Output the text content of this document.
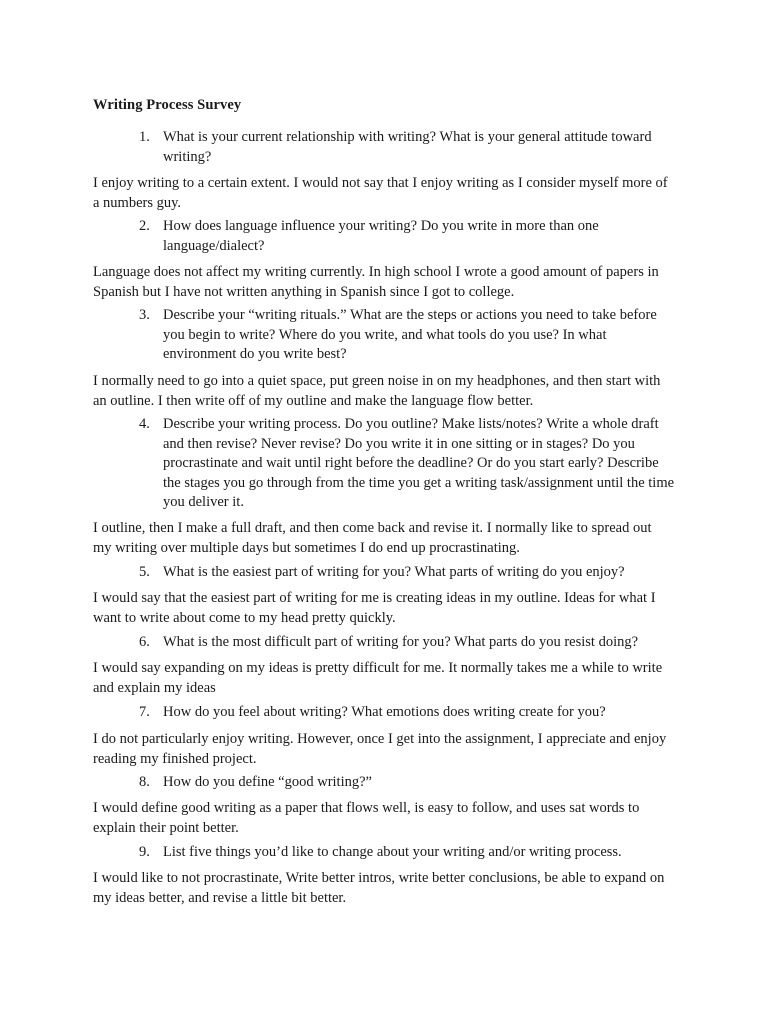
Writing Process Survey
1. What is your current relationship with writing? What is your general attitude toward writing?
I enjoy writing to a certain extent. I would not say that I enjoy writing as I consider myself more of a numbers guy.
2. How does language influence your writing? Do you write in more than one language/dialect?
Language does not affect my writing currently. In high school I wrote a good amount of papers in Spanish but I have not written anything in Spanish since I got to college.
3. Describe your “writing rituals.” What are the steps or actions you need to take before you begin to write? Where do you write, and what tools do you use? In what environment do you write best?
I normally need to go into a quiet space, put green noise in on my headphones, and then start with an outline. I then write off of my outline and make the language flow better.
4. Describe your writing process. Do you outline? Make lists/notes? Write a whole draft and then revise? Never revise? Do you write it in one sitting or in stages? Do you procrastinate and wait until right before the deadline? Or do you start early? Describe the stages you go through from the time you get a writing task/assignment until the time you deliver it.
I outline, then I make a full draft, and then come back and revise it. I normally like to spread out my writing over multiple days but sometimes I do end up procrastinating.
5. What is the easiest part of writing for you? What parts of writing do you enjoy?
I would say that the easiest part of writing for me is creating ideas in my outline. Ideas for what I want to write about come to my head pretty quickly.
6. What is the most difficult part of writing for you? What parts do you resist doing?
I would say expanding on my ideas is pretty difficult for me. It normally takes me a while to write and explain my ideas
7. How do you feel about writing? What emotions does writing create for you?
I do not particularly enjoy writing. However, once I get into the assignment, I appreciate and enjoy reading my finished project.
8. How do you define “good writing?”
I would define good writing as a paper that flows well, is easy to follow, and uses sat words to explain their point better.
9. List five things you’d like to change about your writing and/or writing process.
I would like to not procrastinate, Write better intros, write better conclusions, be able to expand on my ideas better, and revise a little bit better.
